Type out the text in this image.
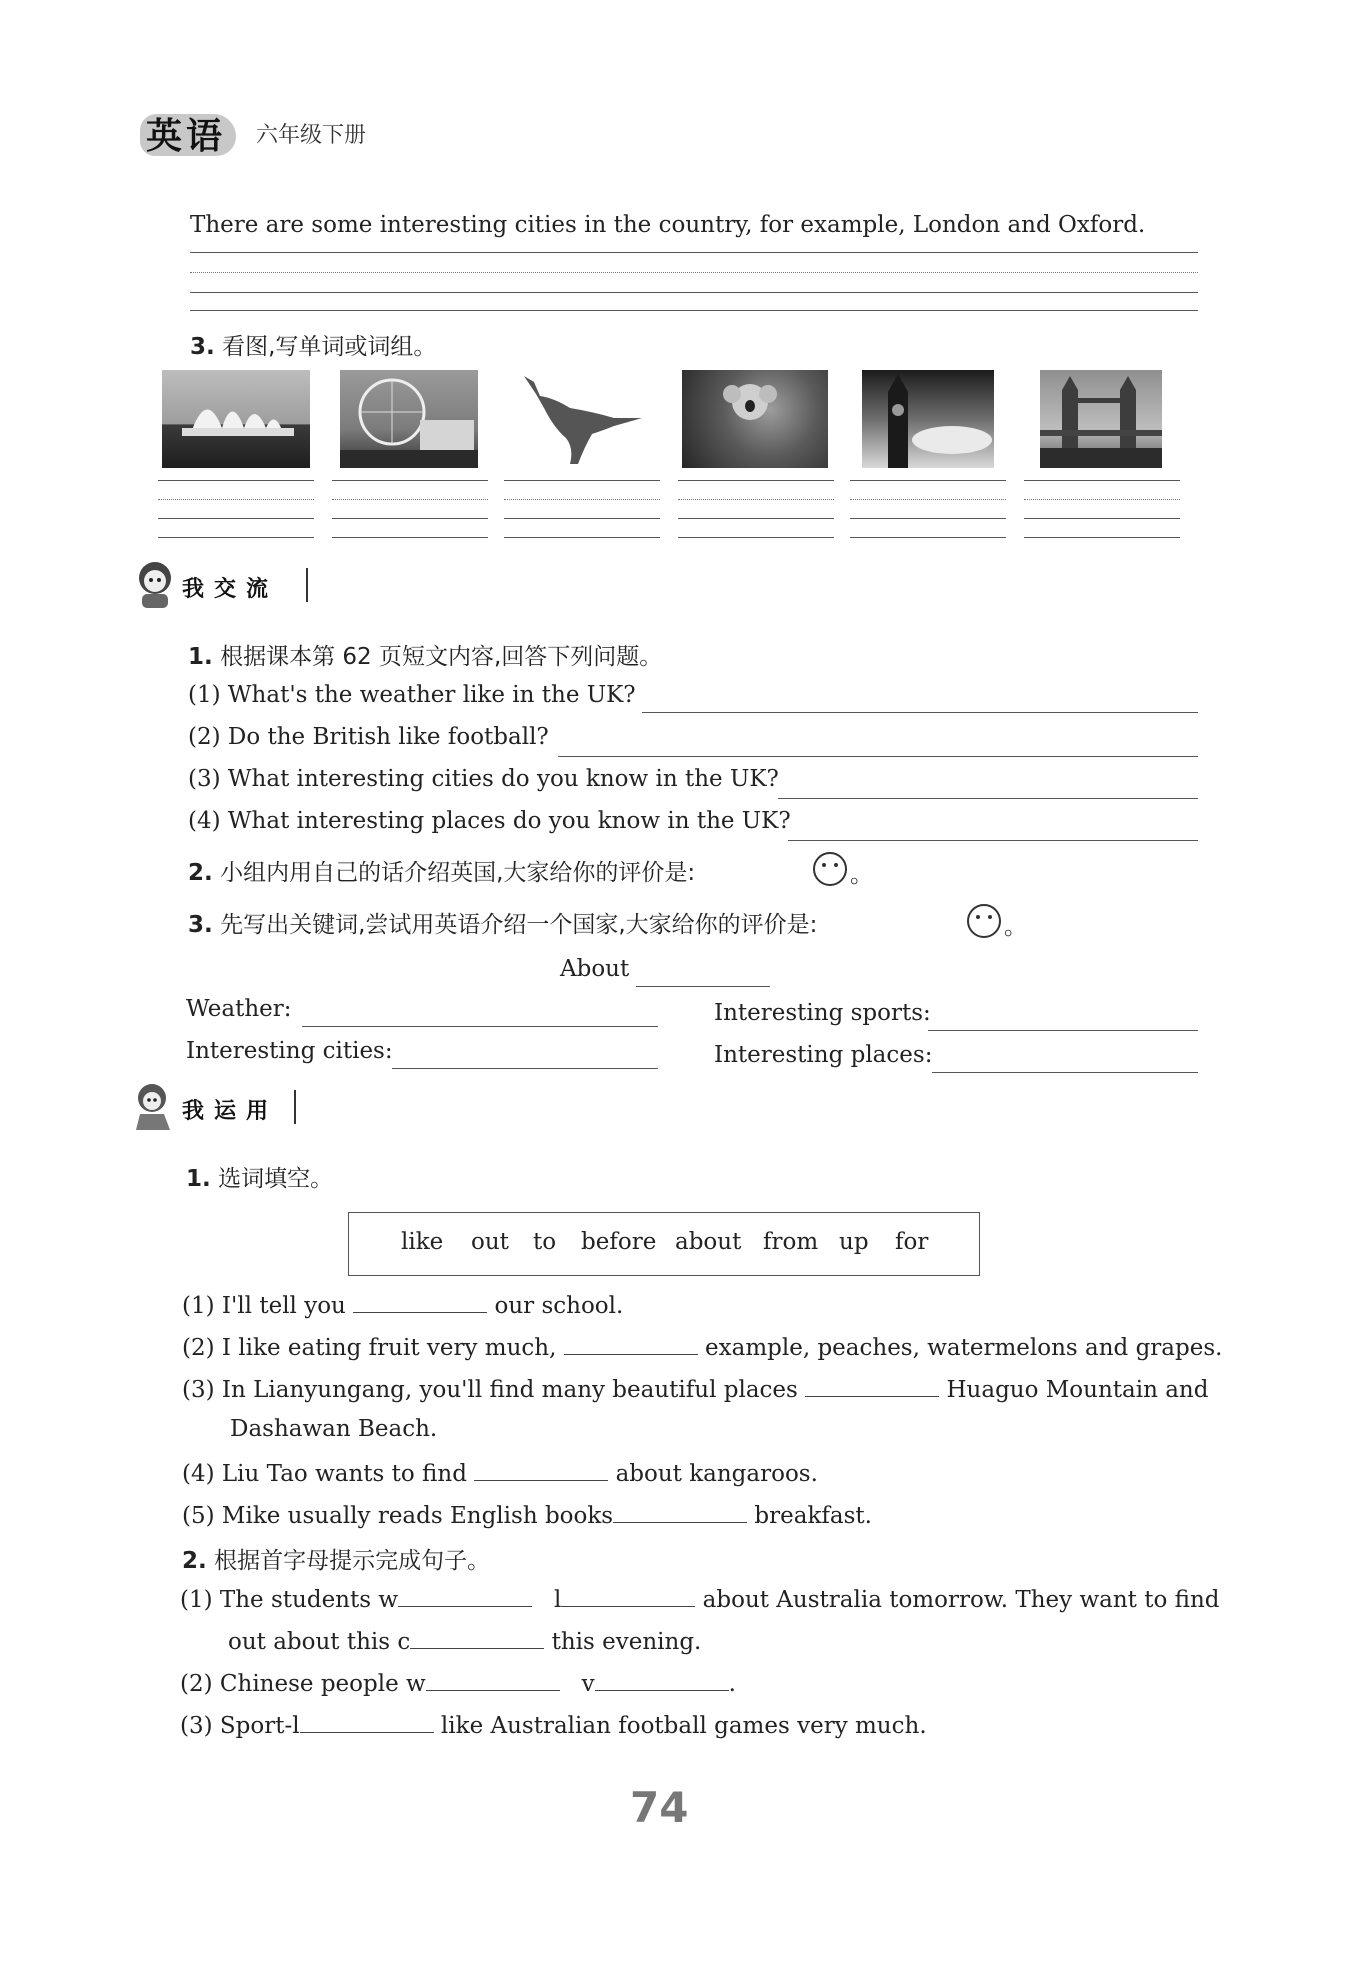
英语 六年级下册
There are some interesting cities in the country, for example, London and Oxford.
3. 看图,写单词或词组。
我交流
1. 根据课本第 62 页短文内容,回答下列问题。
(1) What's the weather like in the UK?
(2) Do the British like football?
(3) What interesting cities do you know in the UK?
(4) What interesting places do you know in the UK?
2. 小组内用自己的话介绍英国,大家给你的评价是:	。
3. 先写出关键词,尝试用英语介绍一个国家,大家给你的评价是:	。
About
Weather:	Interesting sports:
Interesting cities:	Interesting places:
我运用
1. 选词填空。
like out to before about from up for
(1) I'll tell you	our school.
(2) I like eating fruit very much,	example, peaches, watermelons and grapes.
(3) In Lianyungang, you'll find many beautiful places	Huaguo Mountain and
Dashawan Beach.
(4) Liu Tao wants to find	about kangaroos.
(5) Mike usually reads English books	breakfast.
2. 根据首字母提示完成句子。
(1) The students w	l	about Australia tomorrow. They want to find
out about this c	this evening.
(2) Chinese people w	v	.
(3) Sport-l	like Australian football games very much.
74
